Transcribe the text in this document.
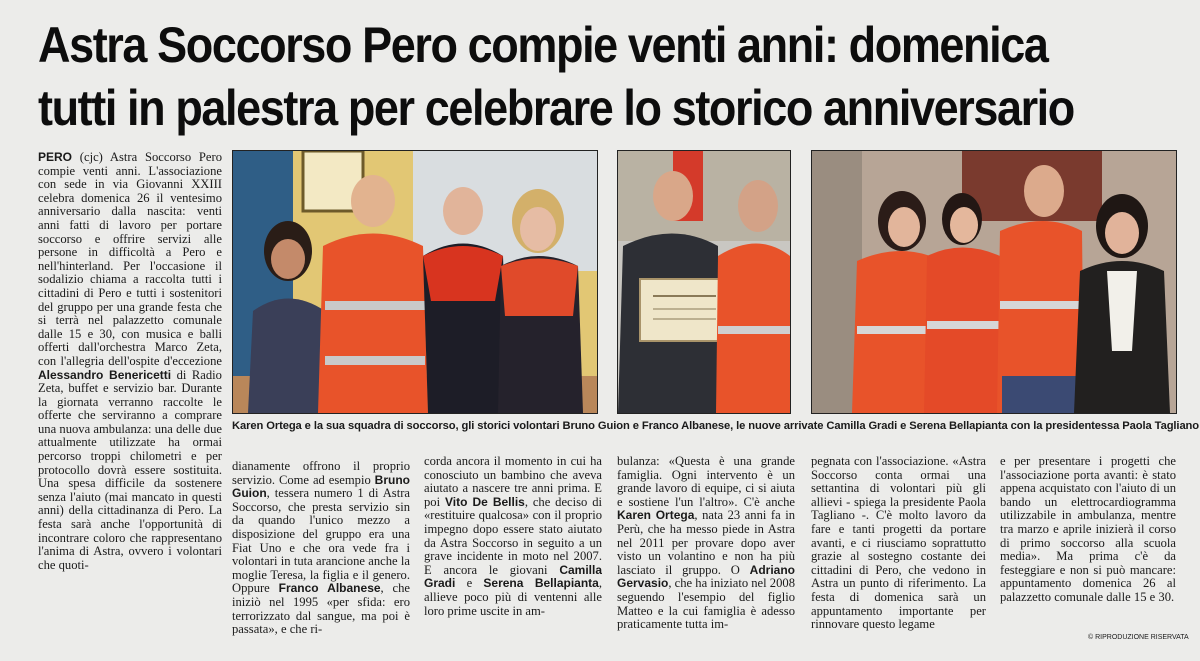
Astra Soccorso Pero compie venti anni: domenica
tutti in palestra per celebrare lo storico anniversario
Karen Ortega e la sua squadra di soccorso, gli storici volontari Bruno Guion e Franco Albanese, le nuove arrivate Camilla Gradi e Serena Bellapianta con la presidentessa Paola Tagliano
PERO (cjc) Astra Soccorso Pero compie venti anni. L'associazione con sede in via Giovanni XXIII celebra domenica 26 il ventesimo anniversario dalla nascita: venti anni fatti di lavoro per portare soccorso e offrire servizi alle persone in difficoltà a Pero e nell'hinterland. Per l'occasione il sodalizio chiama a raccolta tutti i cittadini di Pero e tutti i sostenitori del gruppo per una grande festa che si terrà nel palazzetto comunale dalle 15 e 30, con musica e balli offerti dall'orchestra Marco Zeta, con l'allegria dell'ospite d'eccezione Alessandro Benericetti di Radio Zeta, buffet e servizio bar. Durante la giornata verranno raccolte le offerte che serviranno a comprare una nuova ambulanza: una delle due attualmente utilizzate ha ormai percorso troppi chilometri e per protocollo dovrà essere sostituita. Una spesa difficile da sostenere senza l'aiuto (mai mancato in questi anni) della cittadinanza di Pero. La festa sarà anche l'opportunità di incontrare coloro che rappresentano l'anima di Astra, ovvero i volontari che quoti-
dianamente offrono il proprio servizio. Come ad esempio Bruno Guion, tessera numero 1 di Astra Soccorso, che presta servizio sin da quando l'unico mezzo a disposizione del gruppo era una Fiat Uno e che ora vede fra i volontari in tuta arancione anche la moglie Teresa, la figlia e il genero. Oppure Franco Albanese, che iniziò nel 1995 «per sfida: ero terrorizzato dal sangue, ma poi è passata», e che ri-
corda ancora il momento in cui ha conosciuto un bambino che aveva aiutato a nascere tre anni prima. E poi Vito De Bellis, che deciso di «restituire qualcosa» con il proprio impegno dopo essere stato aiutato da Astra Soccorso in seguito a un grave incidente in moto nel 2007. E ancora le giovani Camilla Gradi e Serena Bellapianta, allieve poco più di ventenni alle loro prime uscite in am-
bulanza: «Questa è una grande famiglia. Ogni intervento è un grande lavoro di equipe, ci si aiuta e sostiene l'un l'altro». C'è anche Karen Ortega, nata 23 anni fa in Perù, che ha messo piede in Astra nel 2011 per provare dopo aver visto un volantino e non ha più lasciato il gruppo. O Adriano Gervasio, che ha iniziato nel 2008 seguendo l'esempio del figlio Matteo e la cui famiglia è adesso praticamente tutta im-
pegnata con l'associazione. «Astra Soccorso conta ormai una settantina di volontari più gli allievi - spiega la presidente Paola Tagliano -. C'è molto lavoro da fare e tanti progetti da portare avanti, e ci riusciamo soprattutto grazie al sostegno costante dei cittadini di Pero, che vedono in Astra un punto di riferimento. La festa di domenica sarà un appuntamento importante per rinnovare questo legame
e per presentare i progetti che l'associazione porta avanti: è stato appena acquistato con l'aiuto di un bando un elettrocardiogramma utilizzabile in ambulanza, mentre tra marzo e aprile inizierà il corso di primo soccorso alla scuola media». Ma prima c'è da festeggiare e non si può mancare: appuntamento domenica 26 al palazzetto comunale dalle 15 e 30.
© RIPRODUZIONE RISERVATA
